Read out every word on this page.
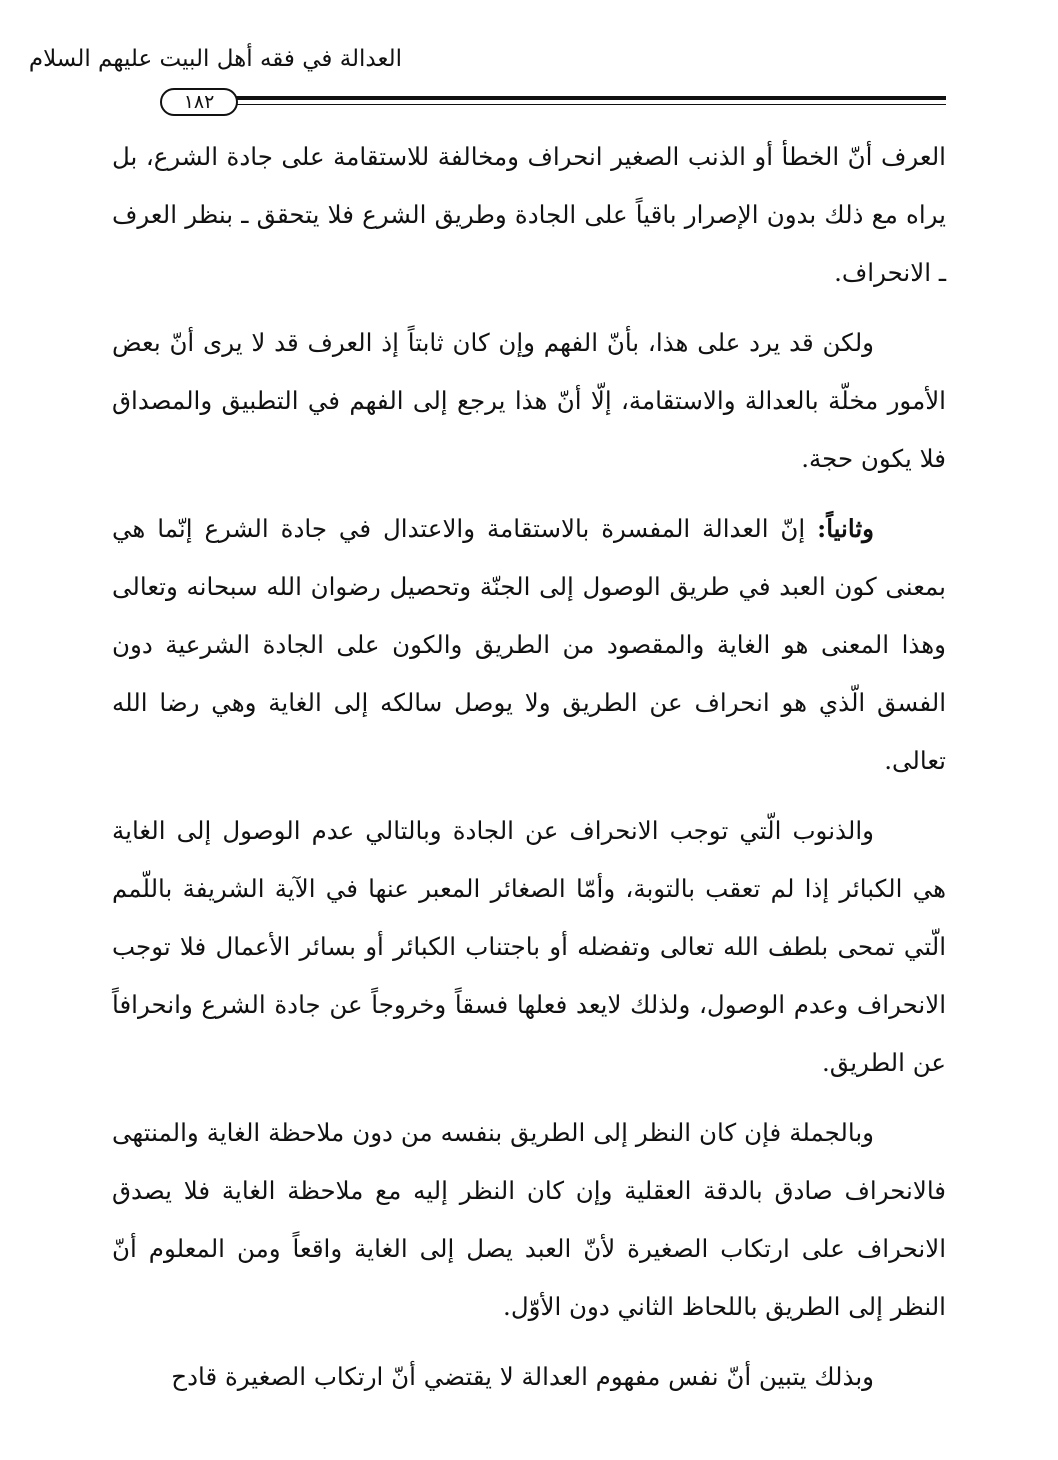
العدالة في فقه أهل البيت عليهم السلام
١٨٢

العرف أنّ الخطأ أو الذنب الصغير انحراف ومخالفة للاستقامة على جادة الشرع، بل يراه مع ذلك بدون الإصرار باقياً على الجادة وطريق الشرع فلا يتحقق ـ بنظر العرف ـ الانحراف.

ولكن قد يرد على هذا، بأنّ الفهم وإن كان ثابتاً إذ العرف قد لا يرى أنّ بعض الأمور مخلّة بالعدالة والاستقامة، إلّا أنّ هذا يرجع إلى الفهم في التطبيق والمصداق فلا يكون حجة.

وثانياً: إنّ العدالة المفسرة بالاستقامة والاعتدال في جادة الشرع إنّما هي بمعنى كون العبد في طريق الوصول إلى الجنّة وتحصيل رضوان الله سبحانه وتعالى وهذا المعنى هو الغاية والمقصود من الطريق والكون على الجادة الشرعية دون الفسق الّذي هو انحراف عن الطريق ولا يوصل سالكه إلى الغاية وهي رضا الله تعالى.

والذنوب الّتي توجب الانحراف عن الجادة وبالتالي عدم الوصول إلى الغاية هي الكبائر إذا لم تعقب بالتوبة، وأمّا الصغائر المعبر عنها في الآية الشريفة باللّمم الّتي تمحى بلطف الله تعالى وتفضله أو باجتناب الكبائر أو بسائر الأعمال فلا توجب الانحراف وعدم الوصول، ولذلك لايعد فعلها فسقاً وخروجاً عن جادة الشرع وانحرافاً عن الطريق.

وبالجملة فإن كان النظر إلى الطريق بنفسه من دون ملاحظة الغاية والمنتهى فالانحراف صادق بالدقة العقلية وإن كان النظر إليه مع ملاحظة الغاية فلا يصدق الانحراف على ارتكاب الصغيرة لأنّ العبد يصل إلى الغاية واقعاً ومن المعلوم أنّ النظر إلى الطريق باللحاظ الثاني دون الأوّل.

وبذلك يتبين أنّ نفس مفهوم العدالة لا يقتضي أنّ ارتكاب الصغيرة قادح
